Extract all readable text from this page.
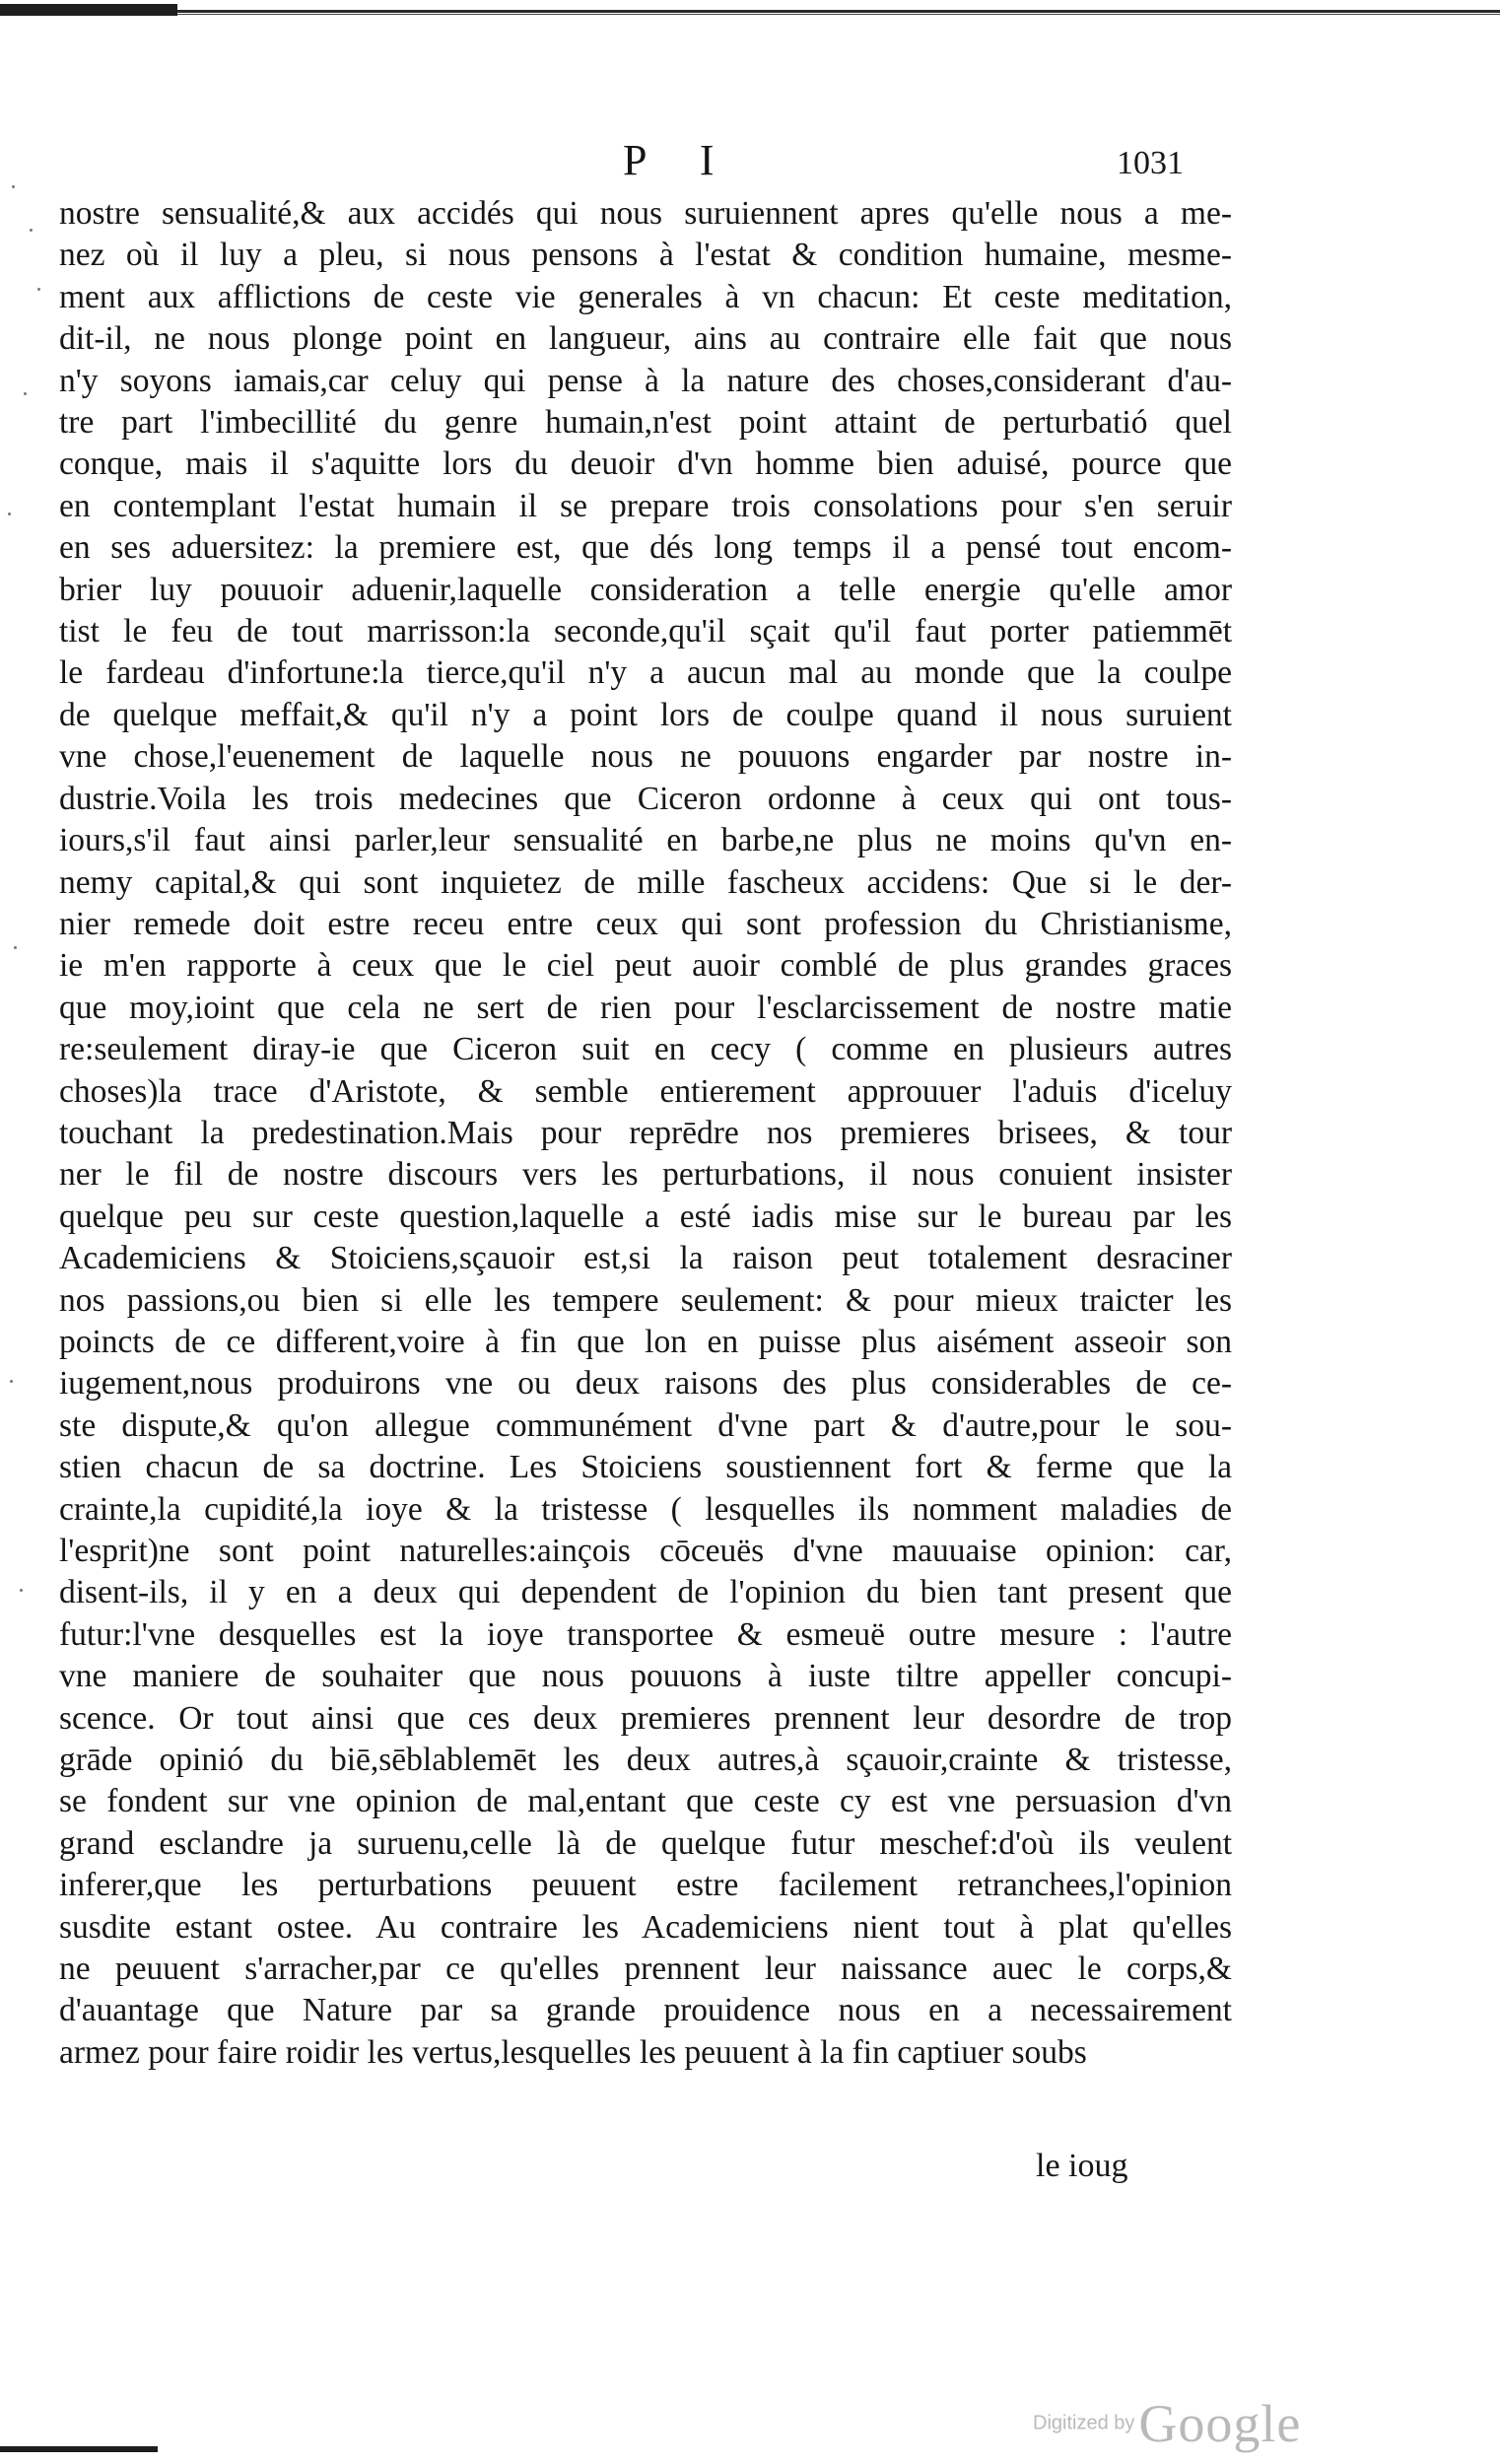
P I	1031
nostre sensualité,& aux accidés qui nous suruiennent apres qu'elle nous a me-
nez où il luy a pleu, si nous pensons à l'estat & condition humaine, mesme-
ment aux afflictions de ceste vie generales à vn chacun: Et ceste meditation,
dit-il, ne nous plonge point en langueur, ains au contraire elle fait que nous
n'y soyons iamais,car celuy qui pense à la nature des choses,considerant d'au-
tre part l'imbecillité du genre humain,n'est point attaint de perturbatió quel
conque, mais il s'aquitte lors du deuoir d'vn homme bien aduisé, pource que
en contemplant l'estat humain il se prepare trois consolations pour s'en seruir
en ses aduersitez: la premiere est, que dés long temps il a pensé tout encom-
brier luy pouuoir aduenir,laquelle consideration a telle energie qu'elle amor
tist le feu de tout marrisson:la seconde,qu'il sçait qu'il faut porter patiemmēt
le fardeau d'infortune:la tierce,qu'il n'y a aucun mal au monde que la coulpe
de quelque meffait,& qu'il n'y a point lors de coulpe quand il nous suruient
vne chose,l'euenement de laquelle nous ne pouuons engarder par nostre in-
dustrie.Voila les trois medecines que Ciceron ordonne à ceux qui ont tous-
iours,s'il faut ainsi parler,leur sensualité en barbe,ne plus ne moins qu'vn en-
nemy capital,& qui sont inquietez de mille fascheux accidens: Que si le der-
nier remede doit estre receu entre ceux qui sont profession du Christianisme,
ie m'en rapporte à ceux que le ciel peut auoir comblé de plus grandes graces
que moy,ioint que cela ne sert de rien pour l'esclarcissement de nostre matie
re:seulement diray-ie que Ciceron suit en cecy ( comme en plusieurs autres
choses)la trace d'Aristote, & semble entierement approuuer l'aduis d'iceluy
touchant la predestination.Mais pour reprēdre nos premieres brisees, & tour
ner le fil de nostre discours vers les perturbations, il nous conuient insister
quelque peu sur ceste question,laquelle a esté iadis mise sur le bureau par les
Academiciens & Stoiciens,sçauoir est,si la raison peut totalement desraciner
nos passions,ou bien si elle les tempere seulement: & pour mieux traicter les
poincts de ce different,voire à fin que lon en puisse plus aisément asseoir son
iugement,nous produirons vne ou deux raisons des plus considerables de ce-
ste dispute,& qu'on allegue communément d'vne part & d'autre,pour le sou-
stien chacun de sa doctrine. Les Stoiciens soustiennent fort & ferme que la
crainte,la cupidité,la ioye & la tristesse ( lesquelles ils nomment maladies de
l'esprit)ne sont point naturelles:ainçois cōceuës d'vne mauuaise opinion: car,
disent-ils, il y en a deux qui dependent de l'opinion du bien tant present que
futur:l'vne desquelles est la ioye transportee & esmeuë outre mesure : l'autre
vne maniere de souhaiter que nous pouuons à iuste tiltre appeller concupi-
scence. Or tout ainsi que ces deux premieres prennent leur desordre de trop
grāde opinió du biē,sēblablemēt les deux autres,à sçauoir,crainte & tristesse,
se fondent sur vne opinion de mal,entant que ceste cy est vne persuasion d'vn
grand esclandre ja suruenu,celle là de quelque futur meschef:d'où ils veulent
inferer,que les perturbations peuuent estre facilement retranchees,l'opinion
susdite estant ostee. Au contraire les Academiciens nient tout à plat qu'elles
ne peuuent s'arracher,par ce qu'elles prennent leur naissance auec le corps,&
d'auantage que Nature par sa grande prouidence nous en a necessairement
armez pour faire roidir les vertus,lesquelles les peuuent à la fin captiuer soubs
le ioug
Digitized by Google
